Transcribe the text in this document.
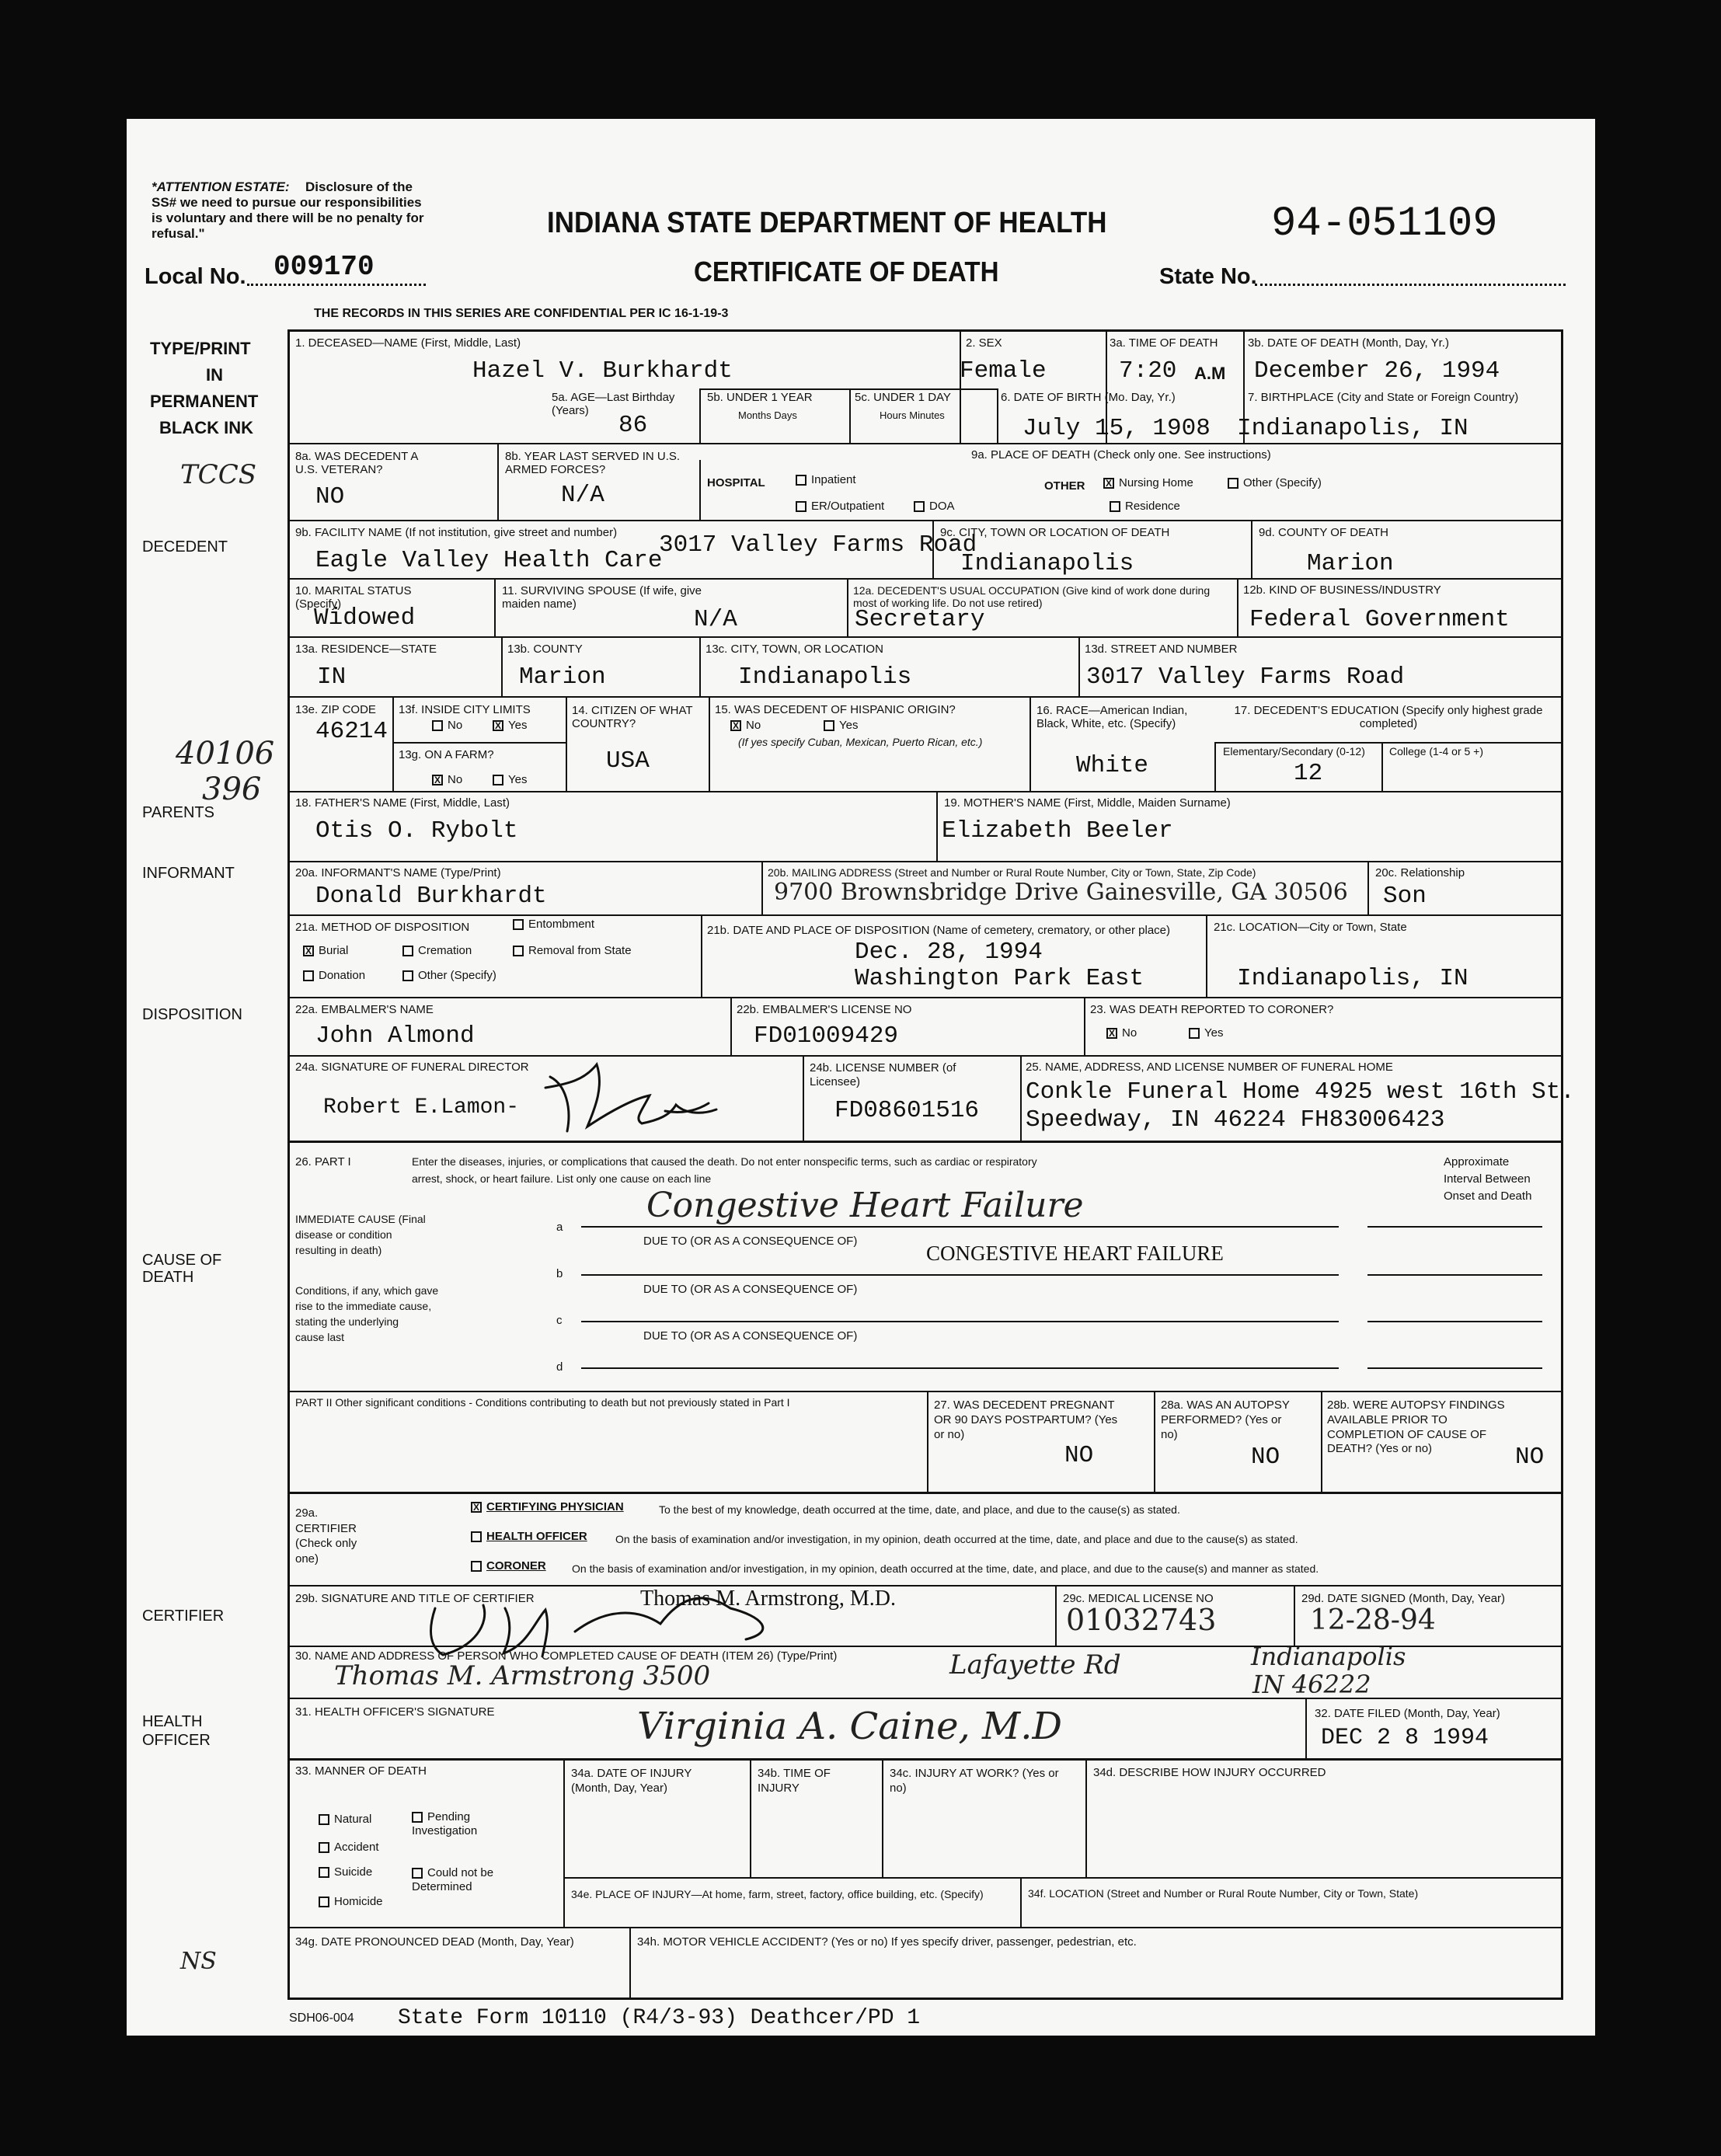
*ATTENTION ESTATE: Disclosure of the
SS# we need to pursue our responsibilities
is voluntary and there will be no penalty for
refusal."	INDIANA STATE DEPARTMENT OF HEALTH
CERTIFICATE OF DEATH
94-051109
Local No. 009170	State No.
THE RECORDS IN THIS SERIES ARE CONFIDENTIAL PER IC 16-1-19-3
TYPE/PRINT
IN
PERMANENT
BLACK INK
DECEDENT
PARENTS
INFORMANT
DISPOSITION
CAUSE OF
DEATH
CERTIFIER
HEALTH
OFFICER
TCCS
40106
396
NS
1. DECEASED—NAME (First, Middle, Last)
Hazel V. Burkhardt
2. SEX
Female
3a. TIME OF DEATH
7:20 A.M
3b. DATE OF DEATH (Month, Day, Yr.)
December 26, 1994
5a. AGE—Last Birthday (Years)
86
5b. UNDER 1 YEAR
Months Days
5c. UNDER 1 DAY
Hours Minutes
6. DATE OF BIRTH (Mo. Day, Yr.)
July 15, 1908
7. BIRTHPLACE (City and State or Foreign Country)
Indianapolis, IN
8a. WAS DECEDENT A U.S. VETERAN?
NO
8b. YEAR LAST SERVED IN U.S. ARMED FORCES?
N/A
9a. PLACE OF DEATH (Check only one. See instructions)
HOSPITAL	Inpatient
ER/Outpatient	DOA
OTHER X Nursing Home	Other (Specify)
Residence
9b. FACILITY NAME (If not institution, give street and number)
Eagle Valley Health Care
3017 Valley Farms Road
9c. CITY, TOWN OR LOCATION OF DEATH
Indianapolis
9d. COUNTY OF DEATH
Marion
10. MARITAL STATUS (Specify)
Widowed
11. SURVIVING SPOUSE (If wife, give maiden name)
N/A
12a. DECEDENT'S USUAL OCCUPATION (Give kind of work done during most of working life. Do not use retired)
Secretary
12b. KIND OF BUSINESS/INDUSTRY
Federal Government
13a. RESIDENCE—STATE
IN
13b. COUNTY
Marion
13c. CITY, TOWN, OR LOCATION
Indianapolis
13d. STREET AND NUMBER
3017 Valley Farms Road
13e. ZIP CODE
46214
13f. INSIDE CITY LIMITS
No	X Yes
13g. ON A FARM?
X No	Yes
14. CITIZEN OF WHAT COUNTRY?
USA
15. WAS DECEDENT OF HISPANIC ORIGIN?
X No	Yes
(If yes specify Cuban, Mexican, Puerto Rican, etc.)
16. RACE—American Indian, Black, White, etc. (Specify)
White
17. DECEDENT'S EDUCATION (Specify only highest grade completed)
Elementary/Secondary (0-12) College (1-4 or 5 +)
12
18. FATHER'S NAME (First, Middle, Last)
Otis O. Rybolt
19. MOTHER'S NAME (First, Middle, Maiden Surname)
Elizabeth Beeler
20a. INFORMANT'S NAME (Type/Print)
Donald Burkhardt
20b. MAILING ADDRESS (Street and Number or Rural Route Number, City or Town, State, Zip Code)
9700 Brownsbridge Drive Gainesville, GA 30506
20c. Relationship
Son
21a. METHOD OF DISPOSITION	Entombment
X Burial	Cremation	Removal from State
Donation	Other (Specify)
21b. DATE AND PLACE OF DISPOSITION (Name of cemetery, crematory, or other place)
Dec. 28, 1994
Washington Park East
21c. LOCATION—City or Town, State
Indianapolis, IN
22a. EMBALMER'S NAME
John Almond
22b. EMBALMER'S LICENSE NO
FD01009429
23. WAS DEATH REPORTED TO CORONER?
X No	Yes
24a. SIGNATURE OF FUNERAL DIRECTOR
Robert E.Lamon-
24b. LICENSE NUMBER (of Licensee)
FD08601516
25. NAME, ADDRESS, AND LICENSE NUMBER OF FUNERAL HOME
Conkle Funeral Home 4925 west 16th St.
Speedway, IN 46224 FH83006423
26. PART I	Enter the diseases, injuries, or complications that caused the death. Do not enter nonspecific terms, such as cardiac or respiratory
arrest, shock, or heart failure. List only one cause on each line
Approximate
Interval Between
Onset and Death
IMMEDIATE CAUSE (Final
disease or condition
resulting in death)
Conditions, if any, which gave
rise to the immediate cause,
stating the underlying
cause last
a
b
c
d
Congestive Heart Failure
DUE TO (OR AS A CONSEQUENCE OF)
CONGESTIVE HEART FAILURE
DUE TO (OR AS A CONSEQUENCE OF)
DUE TO (OR AS A CONSEQUENCE OF)
PART II Other significant conditions - Conditions contributing to death but not previously stated in Part I	27. WAS DECEDENT PREGNANT OR 90 DAYS POSTPARTUM? (Yes or no)
NO
28a. WAS AN AUTOPSY PERFORMED? (Yes or no)
NO
28b. WERE AUTOPSY FINDINGS AVAILABLE PRIOR TO COMPLETION OF CAUSE OF DEATH? (Yes or no)	NO
29a. CERTIFIER (Check only one)
X CERTIFYING PHYSICIAN	To the best of my knowledge, death occurred at the time, date, and place, and due to the cause(s) as stated.
HEALTH OFFICER	On the basis of examination and/or investigation, in my opinion, death occurred at the time, date, and place and due to the cause(s) as stated.
CORONER On the basis of examination and/or investigation, in my opinion, death occurred at the time, date, and place, and due to the cause(s) and manner as stated.
29b. SIGNATURE AND TITLE OF CERTIFIER	Thomas M. Armstrong, M.D.	29c. MEDICAL LICENSE NO
01032743
29d. DATE SIGNED (Month, Day, Year)
12-28-94
30. NAME AND ADDRESS OF PERSON WHO COMPLETED CAUSE OF DEATH (ITEM 26) (Type/Print)
Thomas M. Armstrong 3500	Lafayette Rd	Indianapolis
IN 46222
31. HEALTH OFFICER'S SIGNATURE	Virginia A. Caine, M.D	32. DATE FILED (Month, Day, Year)
DEC 2 8 1994
33. MANNER OF DEATH
Natural	Pending Investigation
Accident
Suicide	Could not be Determined
Homicide
34a. DATE OF INJURY (Month, Day, Year)
34b. TIME OF INJURY
34c. INJURY AT WORK? (Yes or no)
34d. DESCRIBE HOW INJURY OCCURRED
34e. PLACE OF INJURY—At home, farm, street, factory, office building, etc. (Specify)	34f. LOCATION (Street and Number or Rural Route Number, City or Town, State)
34g. DATE PRONOUNCED DEAD (Month, Day, Year)	34h. MOTOR VEHICLE ACCIDENT? (Yes or no) If yes specify driver, passenger, pedestrian, etc.
SDH06-004 State Form 10110 (R4/3-93) Deathcer/PD 1
